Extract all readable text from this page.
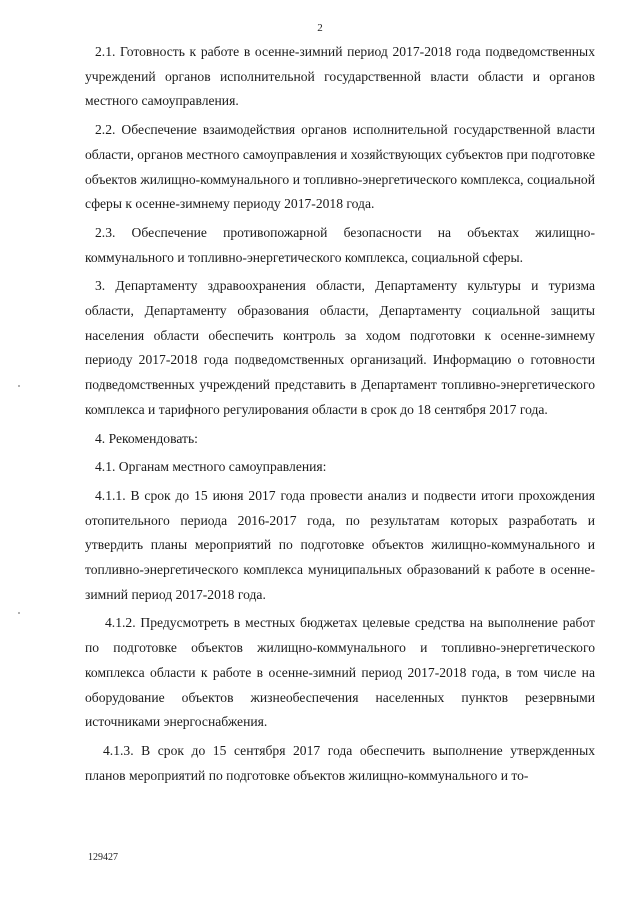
2

2.1. Готовность к работе в осенне-зимний период 2017-2018 года подведомственных учреждений органов исполнительной государственной власти области и органов местного самоуправления.

2.2. Обеспечение взаимодействия органов исполнительной государственной власти области, органов местного самоуправления и хозяйствующих субъектов при подготовке объектов жилищно-коммунального и топливно-энергетического комплекса, социальной сферы к осенне-зимнему периоду 2017-2018 года.

2.3. Обеспечение противопожарной безопасности на объектах жилищно-коммунального и топливно-энергетического комплекса, социальной сферы.

3. Департаменту здравоохранения области, Департаменту культуры и туризма области, Департаменту образования области, Департаменту социальной защиты населения области обеспечить контроль за ходом подготовки к осенне-зимнему периоду 2017-2018 года подведомственных организаций. Информацию о готовности подведомственных учреждений представить в Департамент топливно-энергетического комплекса и тарифного регулирования области в срок до 18 сентября 2017 года.

4. Рекомендовать:

4.1. Органам местного самоуправления:

4.1.1. В срок до 15 июня 2017 года провести анализ и подвести итоги прохождения отопительного периода 2016-2017 года, по результатам которых разработать и утвердить планы мероприятий по подготовке объектов жилищно-коммунального и топливно-энергетического комплекса муниципальных образований к работе в осенне-зимний период 2017-2018 года.

4.1.2. Предусмотреть в местных бюджетах целевые средства на выполнение работ по подготовке объектов жилищно-коммунального и топливно-энергетического комплекса области к работе в осенне-зимний период 2017-2018 года, в том числе на оборудование объектов жизнеобеспечения населенных пунктов резервными источниками энергоснабжения.

4.1.3. В срок до 15 сентября 2017 года обеспечить выполнение утвержденных планов мероприятий по подготовке объектов жилищно-коммунального и то-

129427
